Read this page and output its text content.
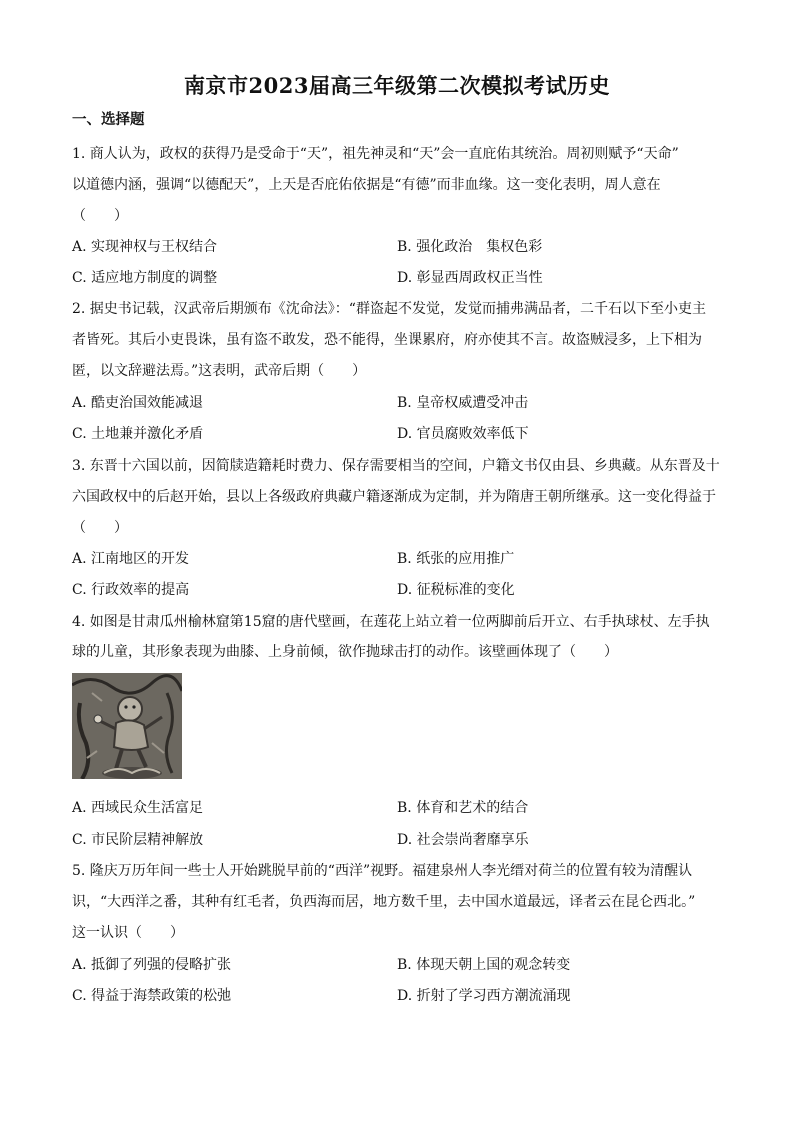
南京市2023届高三年级第二次模拟考试历史
一、选择题
1. 商人认为，政权的获得乃是受命于“天”，祖先神灵和“天”会一直庇佑其统治。周初则赋予“天命”
以道德内涵，强调“以德配天”，上天是否庇佑依据是“有德”而非血缘。这一变化表明，周人意在
（　　）
A. 实现神权与王权结合	B. 强化政治　集权色彩
C. 适应地方制度的调整	D. 彰显西周政权正当性
2. 据史书记载，汉武帝后期颁布《沈命法》：“群盗起不发觉，发觉而捕弗满品者，二千石以下至小吏主
者皆死。其后小吏畏诛，虽有盗不敢发，恐不能得，坐课累府，府亦使其不言。故盗贼浸多，上下相为
匿，以文辞避法焉。”这表明，武帝后期（　　）
A. 酷吏治国效能减退	B. 皇帝权威遭受冲击
C. 土地兼并激化矛盾	D. 官员腐败效率低下
3. 东晋十六国以前，因简牍造籍耗时费力、保存需要相当的空间，户籍文书仅由县、乡典藏。从东晋及十
六国政权中的后赵开始，县以上各级政府典藏户籍逐渐成为定制，并为隋唐王朝所继承。这一变化得益于
（　　）
A. 江南地区的开发	B. 纸张的应用推广
C. 行政效率的提高	D. 征税标准的变化
4. 如图是甘肃瓜州榆林窟第15窟的唐代壁画，在莲花上站立着一位两脚前后开立、右手执球杖、左手执
球的儿童，其形象表现为曲膝、上身前倾，欲作抛球击打的动作。该壁画体现了（　　）
A. 西域民众生活富足	B. 体育和艺术的结合
C. 市民阶层精神解放	D. 社会崇尚奢靡享乐
5. 隆庆万历年间一些士人开始跳脱早前的“西洋”视野。福建泉州人李光缙对荷兰的位置有较为清醒认
识，“大西洋之番，其种有红毛者，负西海而居，地方数千里，去中国水道最远，译者云在昆仑西北。”
这一认识（　　）
A. 抵御了列强的侵略扩张	B. 体现天朝上国的观念转变
C. 得益于海禁政策的松弛	D. 折射了学习西方潮流涌现
